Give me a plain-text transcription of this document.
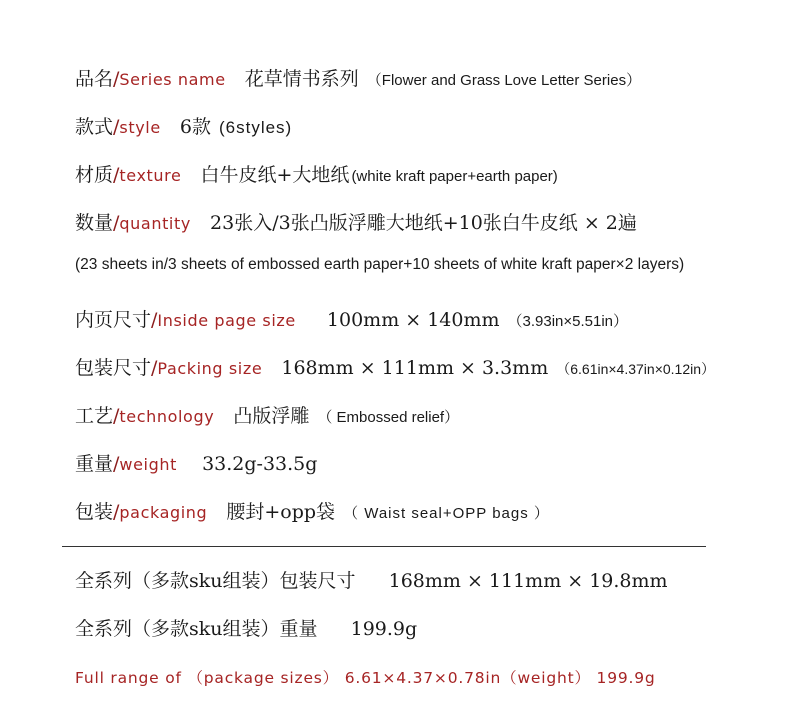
品名/Series name 花草情书系列 （Flower and Grass Love Letter Series）
款式/style 6款 (6styles)
材质/texture 白牛皮纸+大地纸 (white kraft paper+earth paper)
数量/quantity 23张入/3张凸版浮雕大地纸+10张白牛皮纸 × 2遍
(23 sheets in/3 sheets of embossed earth paper+10 sheets of white kraft paper×2 layers)
内页尺寸/Inside page size 100mm × 140mm （3.93in×5.51in）
包装尺寸/Packing size 168mm × 111mm × 3.3mm （6.61in×4.37in×0.12in）
工艺/technology 凸版浮雕 （ Embossed relief）
重量/weight 33.2g-33.5g
包装/packaging 腰封+opp袋 （ Waist seal+OPP bags ）
全系列（多款sku组装）包装尺寸 168mm × 111mm × 19.8mm
全系列（多款sku组装）重量 199.9g
Full range of （package sizes） 6.61×4.37×0.78in（weight） 199.9g
